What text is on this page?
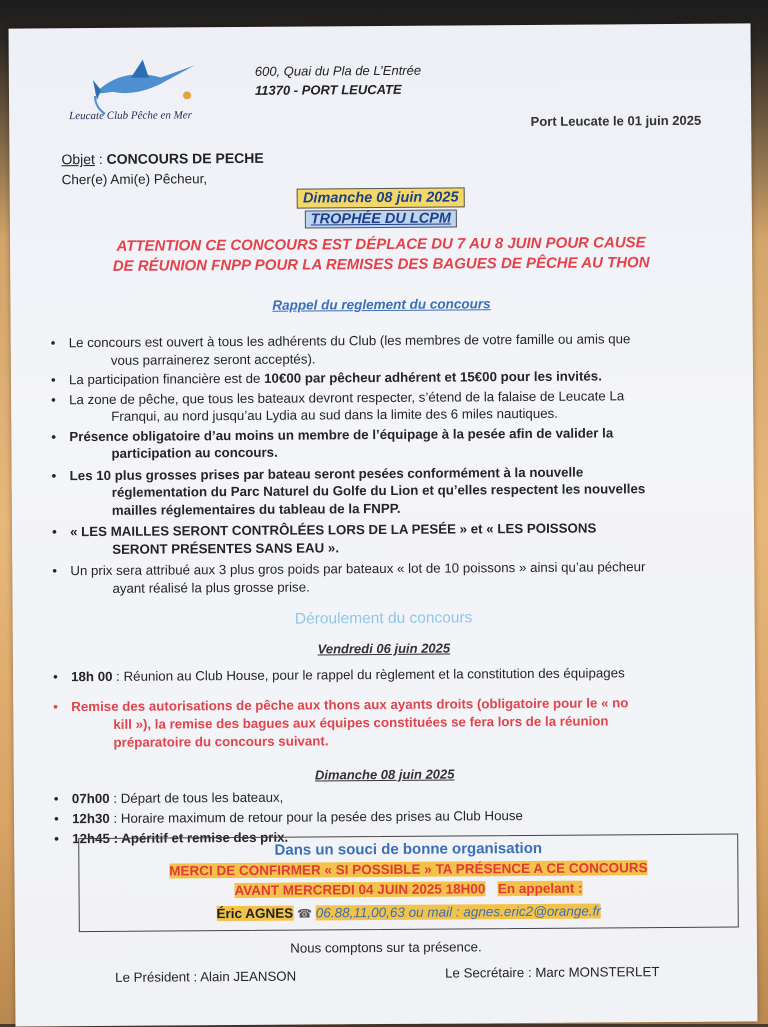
Leucate Club Pêche en Mer
600, Quai du Pla de L’Entrée
11370 - PORT LEUCATE
Port Leucate le 01 juin 2025
Objet : CONCOURS DE PECHE
Cher(e) Ami(e) Pêcheur,
Dimanche 08 juin 2025
TROPHÉE DU LCPM
ATTENTION CE CONCOURS EST DÉPLACE DU 7 AU 8 JUIN POUR CAUSE
DE RÉUNION FNPP POUR LA REMISES DES BAGUES DE PÊCHE AU THON
Rappel du reglement du concours
• Le concours est ouvert à tous les adhérents du Club (les membres de votre famille ou amis que
vous parrainerez seront acceptés).
• La participation financière est de 10€00 par pêcheur adhérent et 15€00 pour les invités.
• La zone de pêche, que tous les bateaux devront respecter, s’étend de la falaise de Leucate La
Franqui, au nord jusqu’au Lydia au sud dans la limite des 6 miles nautiques.
• Présence obligatoire d’au moins un membre de l’équipage à la pesée afin de valider la
participation au concours.
• Les 10 plus grosses prises par bateau seront pesées conformément à la nouvelle
réglementation du Parc Naturel du Golfe du Lion et qu’elles respectent les nouvelles
mailles réglementaires du tableau de la FNPP.
• « LES MAILLES SERONT CONTRÔLÉES LORS DE LA PESÉE » et « LES POISSONS
SERONT PRÉSENTES SANS EAU ».
• Un prix sera attribué aux 3 plus gros poids par bateaux « lot de 10 poissons » ainsi qu’au pécheur
ayant réalisé la plus grosse prise.
Déroulement du concours
Vendredi 06 juin 2025
• 18h 00 : Réunion au Club House, pour le rappel du règlement et la constitution des équipages
• Remise des autorisations de pêche aux thons aux ayants droits (obligatoire pour le « no
kill »), la remise des bagues aux équipes constituées se fera lors de la réunion
préparatoire du concours suivant.
Dimanche 08 juin 2025
• 07h00 : Départ de tous les bateaux,
• 12h30 : Horaire maximum de retour pour la pesée des prises au Club House
• 12h45 : Apéritif et remise des prix.
Dans un souci de bonne organisation
MERCI DE CONFIRMER « SI POSSIBLE » TA PRÉSENCE A CE CONCOURS
AVANT MERCREDI 04 JUIN 2025 18H00 En appelant :
Éric AGNES ☎ 06.88,11,00,63 ou mail : agnes.eric2@orange.fr
Nous comptons sur ta présence.
Le Président : Alain JEANSON	Le Secrétaire : Marc MONSTERLET
